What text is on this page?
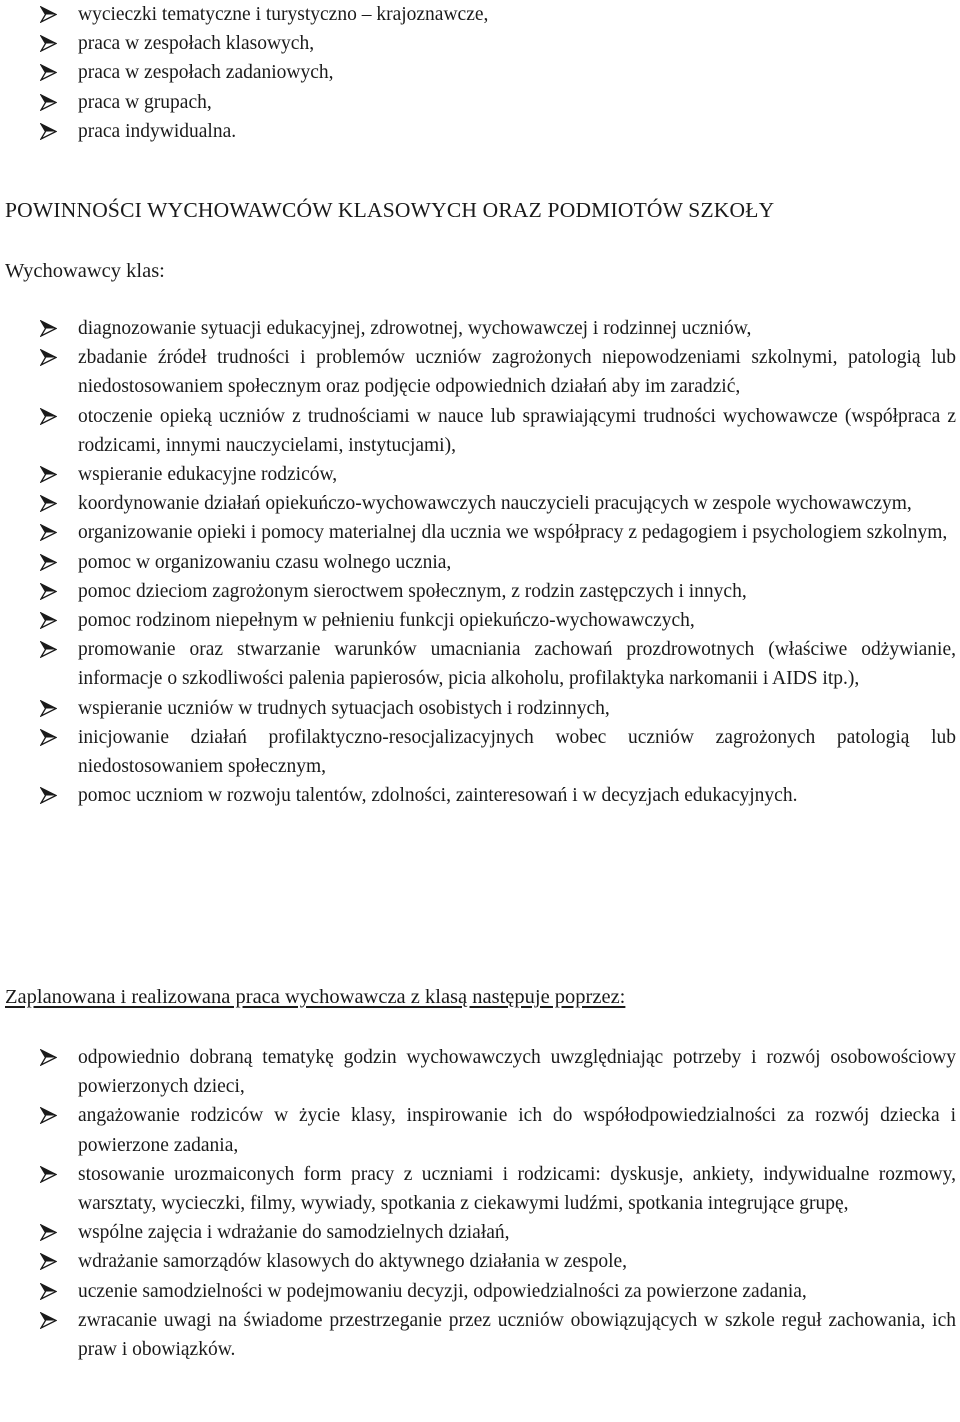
wycieczki tematyczne i turystyczno – krajoznawcze,
praca w zespołach klasowych,
praca w zespołach zadaniowych,
praca w grupach,
praca indywidualna.
POWINNOŚCI WYCHOWAWCÓW KLASOWYCH ORAZ PODMIOTÓW SZKOŁY
Wychowawcy klas:
diagnozowanie sytuacji edukacyjnej, zdrowotnej, wychowawczej i rodzinnej uczniów,
zbadanie źródeł trudności i problemów uczniów zagrożonych niepowodzeniami szkolnymi, patologią lub niedostosowaniem społecznym oraz podjęcie odpowiednich działań aby im zaradzić,
otoczenie opieką uczniów z trudnościami w nauce lub sprawiającymi trudności wychowawcze (współpraca z rodzicami, innymi nauczycielami, instytucjami),
wspieranie edukacyjne rodziców,
koordynowanie działań opiekuńczo-wychowawczych nauczycieli pracujących w zespole wychowawczym,
organizowanie opieki i pomocy materialnej dla ucznia we współpracy z pedagogiem i psychologiem szkolnym,
pomoc w organizowaniu czasu wolnego ucznia,
pomoc dzieciom zagrożonym sieroctwem społecznym, z rodzin zastępczych i innych,
pomoc rodzinom niepełnym w pełnieniu funkcji opiekuńczo-wychowawczych,
promowanie oraz stwarzanie warunków umacniania zachowań prozdrowotnych (właściwe odżywianie, informacje o szkodliwości palenia papierosów, picia alkoholu, profilaktyka narkomanii i AIDS itp.),
wspieranie uczniów w trudnych sytuacjach osobistych i rodzinnych,
inicjowanie działań profilaktyczno-resocjalizacyjnych wobec uczniów zagrożonych patologią lub niedostosowaniem społecznym,
pomoc uczniom w rozwoju talentów, zdolności, zainteresowań i w decyzjach edukacyjnych.
Zaplanowana i realizowana praca wychowawcza z klasą następuje poprzez:
odpowiednio dobraną tematykę godzin wychowawczych uwzględniając potrzeby i rozwój osobowościowy powierzonych dzieci,
angażowanie rodziców w życie klasy, inspirowanie ich do współodpowiedzialności za rozwój dziecka i powierzone zadania,
stosowanie urozmaiconych form pracy z uczniami i rodzicami: dyskusje, ankiety, indywidualne rozmowy, warsztaty, wycieczki, filmy, wywiady, spotkania z ciekawymi ludźmi, spotkania integrujące grupę,
wspólne zajęcia i wdrażanie do samodzielnych działań,
wdrażanie samorządów klasowych do aktywnego działania w zespole,
uczenie samodzielności w podejmowaniu decyzji, odpowiedzialności za powierzone zadania,
zwracanie uwagi na świadome przestrzeganie przez uczniów obowiązujących w szkole reguł zachowania, ich praw i obowiązków.
